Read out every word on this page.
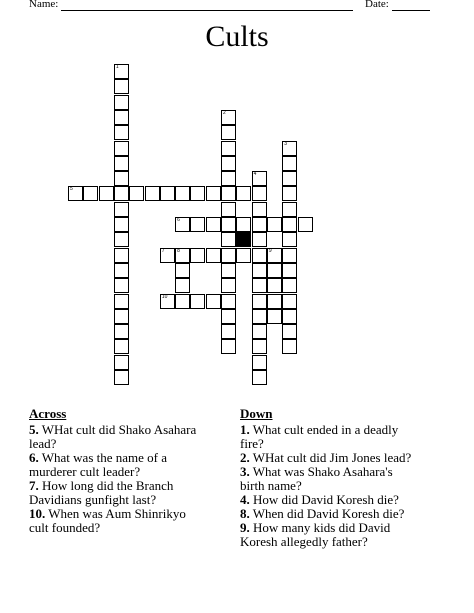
Name:	Date:
Cults
1
2
3
4
5
6
7	8	9
10
Across
5. WHat cult did Shako Asahara lead?
6. What was the name of a murderer cult leader?
7. How long did the Branch Davidians gunfight last?
10. When was Aum Shinrikyo cult founded?
Down
1. What cult ended in a deadly fire?
2. WHat cult did Jim Jones lead?
3. What was Shako Asahara's birth name?
4. How did David Koresh die?
8. When did David Koresh die?
9. How many kids did David Koresh allegedly father?
